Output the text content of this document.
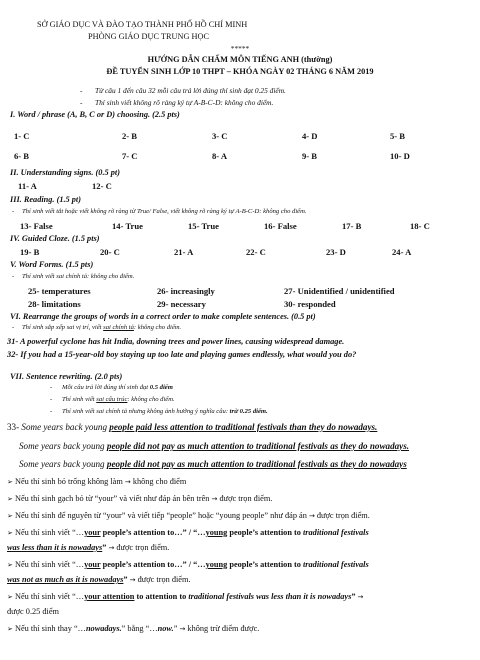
SỞ GIÁO DỤC VÀ ĐÀO TẠO THÀNH PHỐ HỒ CHÍ MINH
PHÒNG GIÁO DỤC TRUNG HỌC
*****
HƯỚNG DẪN CHẤM MÔN TIẾNG ANH (thường)
ĐỀ TUYỂN SINH LỚP 10 THPT – KHÓA NGÀY 02 THÁNG 6 NĂM 2019
- Từ câu 1 đến câu 32 mỗi câu trả lời đúng thí sinh đạt 0.25 điểm.
- Thí sinh viết không rõ ràng ký tự A-B-C-D: không cho điểm.
I. Word / phrase (A, B, C or D) choosing. (2.5 pts)
1- C	2- B	3- C	4- D	5- B
6- B	7- C	8- A	9- B	10- D
II. Understanding signs. (0.5 pt)
11- A	12- C
III. Reading. (1.5 pt)
- Thí sinh viết tắt hoặc viết không rõ ràng từ True/ False, viết không rõ ràng ký tự A-B-C-D: không cho điểm.
13- False	14- True	15- True	16- False	17- B	18- C
IV. Guided Cloze. (1.5 pts)
19- B	20- C	21- A	22- C	23- D	24- A
V. Word Forms. (1.5 pts)
- Thí sinh viết sai chính tả: không cho điểm.
25- temperatures	26- increasingly	27- Unidentified / unidentified
28- limitations	29- necessary	30- responded
VI. Rearrange the groups of words in a correct order to make complete sentences. (0.5 pt)
- Thí sinh sắp xếp sai vị trí, viết sai chính tả: không cho điểm.
31- A powerful cyclone has hit India, downing trees and power lines, causing widespread damage.
32- If you had a 15-year-old boy staying up too late and playing games endlessly, what would you do?
VII. Sentence rewriting. (2.0 pts)
- Mỗi câu trả lời đúng thí sinh đạt 0.5 điểm
- Thí sinh viết sai cấu trúc: không cho điểm.
- Thí sinh viết sai chính tả nhưng không ảnh hưởng ý nghĩa câu: trừ 0.25 điểm.
33- Some years back young people paid less attention to traditional festivals than they do nowadays.
Some years back young people did not pay as much attention to traditional festivals as they do nowadays.
Some years back young people did not pay as much attention to traditional festivals as they do nowadays
➢ Nếu thí sinh bỏ trống không làm → không cho điểm
➢ Nếu thí sinh gạch bỏ từ “your” và viết như đáp án bên trên → được trọn điểm.
➢ Nếu thí sinh để nguyên từ “your” và viết tiếp “people” hoặc “young people” như đáp án → được trọn điểm.
➢ Nếu thí sinh viết “…your people’s attention to…” / “…young people’s attention to traditional festivals
was less than it is nowadays” → được trọn điểm.
➢ Nếu thí sinh viết “…your people’s attention to…” / “…young people’s attention to traditional festivals
was not as much as it is nowadays” → được trọn điểm.
➢ Nếu thí sinh viết “…your attention to attention to traditional festivals was less than it is nowadays” →
được 0.25 điểm
➢ Nếu thí sinh thay “…nowadays.” bằng “…now.” → không trừ điểm được.
